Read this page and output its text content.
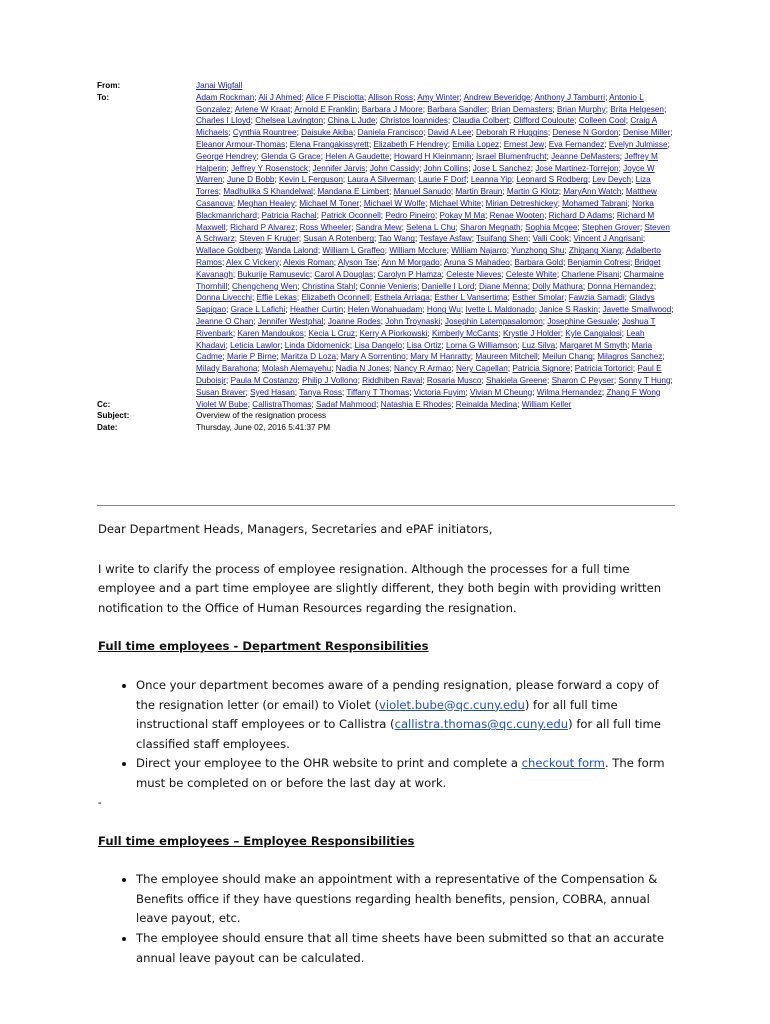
From:	Janai Wigfall
To:	Adam Rockman; Ali J Ahmed; Alice F Pisciotta; Allison Ross; Amy Winter; Andrew Beveridge; Anthony J Tamburri; Antonio L Gonzalez; Arlene W Kraat; Arnold E Franklin; Barbara J Moore; Barbara Sandler; Brian Demasters; Brian Murphy; Brita Helgesen; Charles I Lloyd; Chelsea Lavington; China L Jude; Christos Ioannides; Claudia Colbert; Clifford Couloute; Colleen Cool; Craig A Michaels; Cynthia Rountree; Daisuke Akiba; Daniela Francisco; David A Lee; Deborah R Huggins; Denese N Gordon; Denise Miller; Eleanor Armour-Thomas; Elena Frangakissyrett; Elizabeth F Hendrey; Emilia Lopez; Ernest Jew; Eva Fernandez; Evelyn Julmisse; George Hendrey; Glenda G Grace; Helen A Gaudette; Howard H Kleinmann; Israel Blumenfrucht; Jeanne DeMasters; Jeffrey M Halperin; Jeffrey Y Rosenstock; Jennifer Jarvis; John Cassidy; John Collins; Jose L Sanchez; Jose Martinez-Torrejon; Joyce W Warren; June D Bobb; Kevin L Ferguson; Laura A Silverman; Laurie F Dorf; Leanna Yip; Leonard S Rodberg; Lev Deych; Liza Torres; Madhulika S Khandelwal; Mandana E Limbert; Manuel Sanudo; Martin Braun; Martin G Klotz; MaryAnn Watch; Matthew Casanova; Meghan Healey; Michael M Toner; Michael W Wolfe; Michael White; Mirian Detreshickey; Mohamed Tabrani; Norka Blackmanrichard; Patricia Rachal; Patrick Oconnell; Pedro Pineiro; Pokay M Ma; Renae Wooten; Richard D Adams; Richard M Maxwell; Richard P Alvarez; Ross Wheeler; Sandra Mew; Selena L Chu; Sharon Megnath; Sophia Mcgee; Stephen Grover; Steven A Schwarz; Steven F Kruger; Susan A Rotenberg; Tao Wang; Tesfaye Asfaw; Tsuifang Shen; Valli Cook; Vincent J Angrisani; Wallace Goldberg; Wanda Lalond; William L Graffeo; William Mcclure; William Najarro; Yunzhong Shu; Zhigang Xiang; Adalberto Ramos; Alex C Vickery; Alexis Roman; Alyson Tse; Ann M Morgado; Aruna S Mahadeo; Barbara Gold; Benjamin Cofresi; Bridget Kavanagh; Bukurije Ramusevic; Carol A Douglas; Carolyn P Hamza; Celeste Nieves; Celeste White; Charlene Pisani; Charmaine Thornhill; Chengcheng Wen; Christina Stahl; Connie Venieris; Danielle I Lord; Diane Menna; Dolly Mathura; Donna Hernandez; Donna Livecchi; Effie Lekas; Elizabeth Oconnell; Esthela Arriaga; Esther L Vansertima; Esther Smolar; Fawzia Samadi; Gladys Sapigao; Grace L Lafichi; Heather Curtin; Helen Wonahuadam; Hong Wu; Ivette L Maldonado; Janice S Raskin; Javette Smallwood; Jeanne O Chan; Jennifer Westphal; Joanne Rodes; John Troynaski; Josephin Latempasalomon; Josephine Gesuale; Joshua T Rivenbark; Karen Mandoukos; Kecia L Cruz; Kerry A Piorkowski; Kimberly McCants; Krystle J Holder; Kyle Cangialosi; Leah Khadavi; Leticia Lawlor; Linda Didomenick; Lisa Dangelo; Lisa Ortiz; Lorna G Williamson; Luz Silva; Margaret M Smyth; Maria Cadme; Marie P Birne; Maritza D Loza; Mary A Sorrentino; Mary M Hanratty; Maureen Mitchell; Meilun Chang; Milagros Sanchez; Milady Barahona; Molash Alemayehu; Nadia N Jones; Nancy R Armao; Nery Capellan; Patricia Signore; Patricia Tortorici; Paul E Duboisjr; Paula M Costanzo; Philip J Vollono; Riddhiben Raval; Rosaria Musco; Shakiela Greene; Sharon C Peyser; Sonny T Hung; Susan Braver; Syed Hasan; Tanya Ross; Tiffany T Thomas; Victoria Fuyim; Vivian M Cheung; Wilma Hernandez; Zhang F Wong
Cc:	Violet W Bube; CallistraThomas; Sadaf Mahmood; Natashia E Rhodes; Reinalda Medina; William Keller
Subject:	Overview of the resignation process
Date:	Thursday, June 02, 2016 5:41:37 PM

Dear Department Heads, Managers, Secretaries and ePAF initiators,

I write to clarify the process of employee resignation. Although the processes for a full time employee and a part time employee are slightly different, they both begin with providing written notification to the Office of Human Resources regarding the resignation.

Full time employees - Department Responsibilities
• Once your department becomes aware of a pending resignation, please forward a copy of the resignation letter (or email) to Violet (violet.bube@qc.cuny.edu) for all full time instructional staff employees or to Callistra (callistra.thomas@qc.cuny.edu) for all full time classified staff employees.
• Direct your employee to the OHR website to print and complete a checkout form. The form must be completed on or before the last day at work.
Full time employees – Employee Responsibilities
• The employee should make an appointment with a representative of the Compensation & Benefits office if they have questions regarding health benefits, pension, COBRA, annual leave payout, etc.
• The employee should ensure that all time sheets have been submitted so that an accurate annual leave payout can be calculated.
-
